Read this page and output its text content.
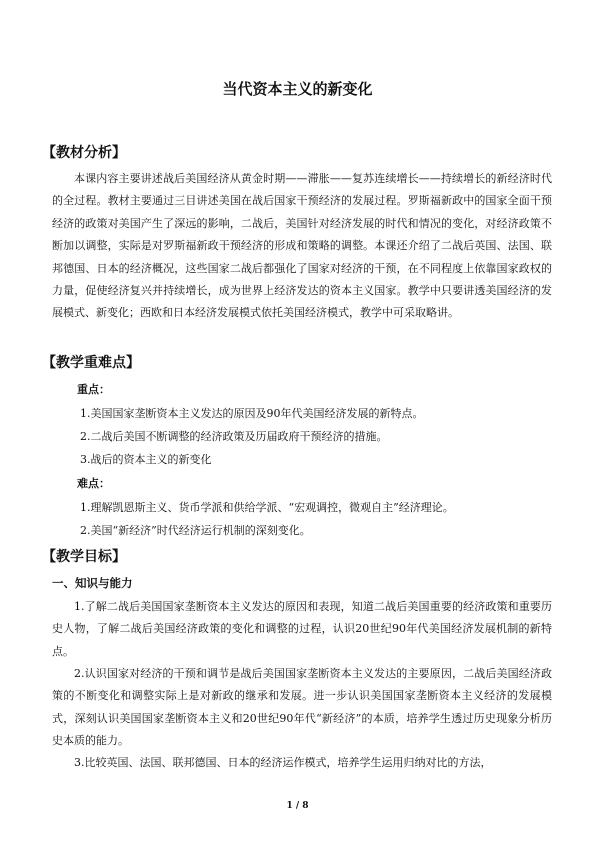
当代资本主义的新变化
【教材分析】

本课内容主要讲述战后美国经济从黄金时期——滞胀——复苏连续增长——持续增长的新经济时代的全过程。教材主要通过三目讲述美国在战后国家干预经济的发展过程。罗斯福新政中的国家全面干预经济的政策对美国产生了深远的影响，二战后，美国针对经济发展的时代和情况的变化，对经济政策不断加以调整，实际是对罗斯福新政干预经济的形成和策略的调整。本课还介绍了二战后英国、法国、联邦德国、日本的经济概况，这些国家二战后都强化了国家对经济的干预，在不同程度上依靠国家政权的力量，促使经济复兴并持续增长，成为世界上经济发达的资本主义国家。教学中只要讲透美国经济的发展模式、新变化；西欧和日本经济发展模式依托美国经济模式，教学中可采取略讲。

【教学重难点】
重点：
1.美国国家垄断资本主义发达的原因及90年代美国经济发展的新特点。
2.二战后美国不断调整的经济政策及历届政府干预经济的措施。
3.战后的资本主义的新变化
难点：
1.理解凯恩斯主义、货币学派和供给学派、“宏观调控，微观自主”经济理论。
2.美国“新经济”时代经济运行机制的深刻变化。
【教学目标】
一、知识与能力

1.了解二战后美国国家垄断资本主义发达的原因和表现，知道二战后美国重要的经济政策和重要历史人物，了解二战后美国经济政策的变化和调整的过程，认识20世纪90年代美国经济发展机制的新特点。

2.认识国家对经济的干预和调节是战后美国国家垄断资本主义发达的主要原因，二战后美国经济政策的不断变化和调整实际上是对新政的继承和发展。进一步认识美国国家垄断资本主义经济的发展模式，深刻认识美国国家垄断资本主义和20世纪90年代“新经济”的本质，培养学生透过历史现象分析历史本质的能力。

3.比较英国、法国、联邦德国、日本的经济运作模式，培养学生运用归纳对比的方法，

1 / 8
